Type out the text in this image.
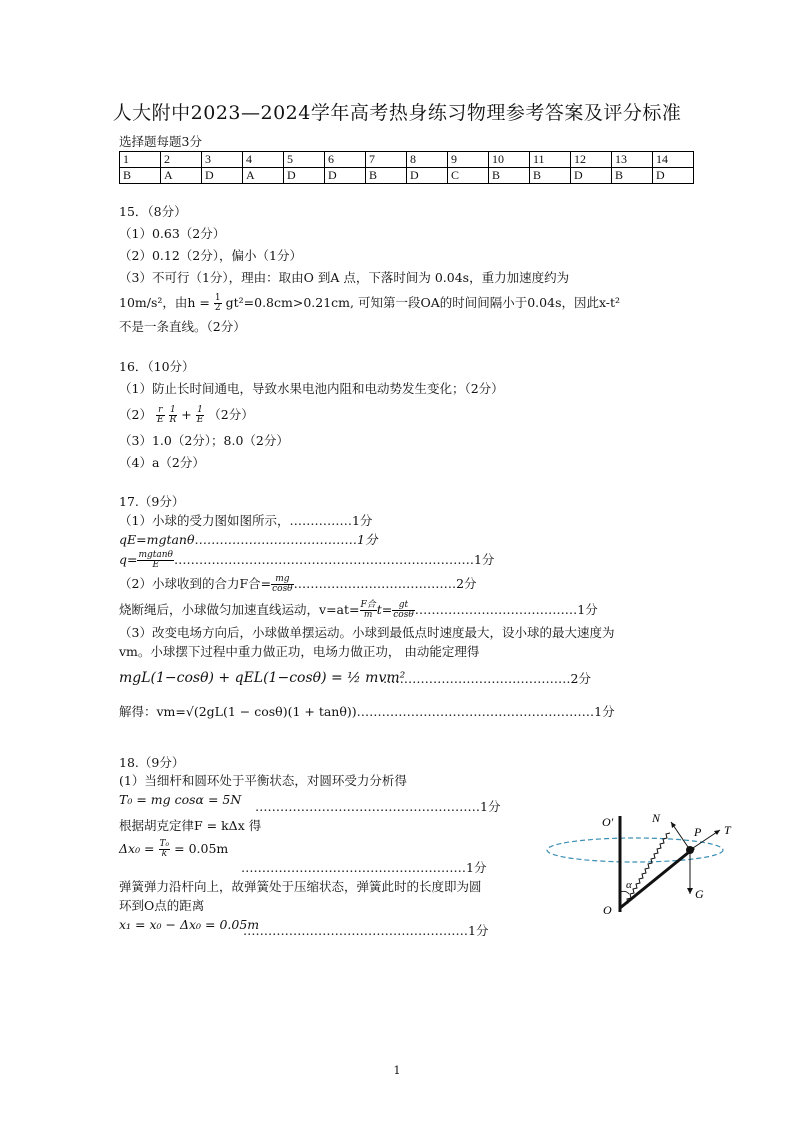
人大附中2023—2024学年高考热身练习物理参考答案及评分标准
选择题每题3分
1	2	3	4	5	6	7	8	9	10	11	12	13	14
B	A	D	A	D	D	B	D	C	B	B	D	B	D
15．（8分）
（1）0.63（2分）
（2）0.12（2分），偏小（1分）
（3）不可行（1分），理由：取由O 到A 点，下落时间为 0.04s，重力加速度约为
10m/s²，由$h = \frac{1}{2} gt^2=0.8cm>0.21cm$, 可知第一段OA的时间间隔小于0.04s，因此x-t²
不是一条直线。（2分）
16．（10分）
（1）防止长时间通电，导致水果电池内阻和电动势发生变化；（2分）
$(2) \frac{r}{E}$
$\frac{1}{R} + \frac{1}{E} (2$分）
（3）1.0（2分）；8.0（2分）
（4）a（2分）
17.（9分）
（1）小球的受力图如图所示，……………1分
qE=mgtanθ…………………………………1分
$q= \frac{mgtan\theta}{E}$ ………………………………………………………………1分
（2）小球收到的合力F合= $\frac{mg}{\cos\theta}$ …………………………………2分
烧断绳后，小球做匀加速直线运动，$v=at= \frac{\text{F合}}{m} t= \frac{gt}{\cos\theta}$ …………………………………1分
（3）改变电场方向后，小球做单摆运动。小球到最低点时速度最大，设小球的最大速度为
vm。小球摆下过程中重力做正功，电场力做正功， 由动能定理得
mgL(1−cosθ) + qEL(1−cosθ) = ½ mvm²
………………………………………2分
解得：vm=√(2gL(1 − cosθ)(1 + tanθ))…………………………………………………1分
18.（9分）
(1）当细杆和圆环处于平衡状态，对圆环受力分析得
T₀ = mg cosα = 5N ………………………………………………1分
根据胡克定律F = kΔx 得
$\Delta x_0 = \frac{\text{T₀}}{k} = 0.05m$
………………………………………………1分
弹簧弹力沿杆向上，故弹簧处于压缩状态，弹簧此时的长度即为圆
环到O点的距离
x₁ = x₀ − Δx₀ = 0.05m
………………………………………………1分
O'
O
N
P T
G
α
1
